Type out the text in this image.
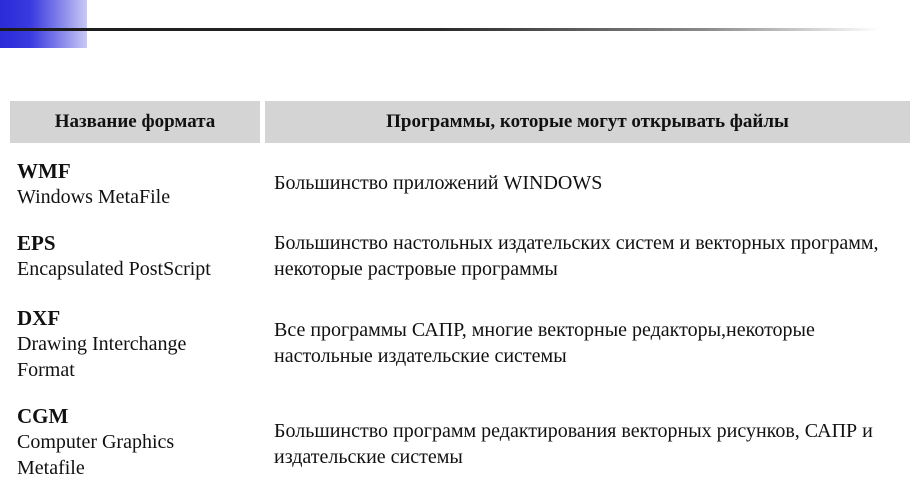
Название формата	Программы, которые могут открывать файлы
WMF
Windows MetaFile
Большинство приложений WINDOWS
EPS
Encapsulated PostScript
Большинство настольных издательских систем и векторных программ, некоторые растровые программы
DXF
Drawing Interchange Format
Все программы САПР, многие векторные редакторы,некоторые настольные издательские системы
CGM
Computer Graphics Metafile
Большинство программ редактирования векторных рисунков, САПР и издательские системы
